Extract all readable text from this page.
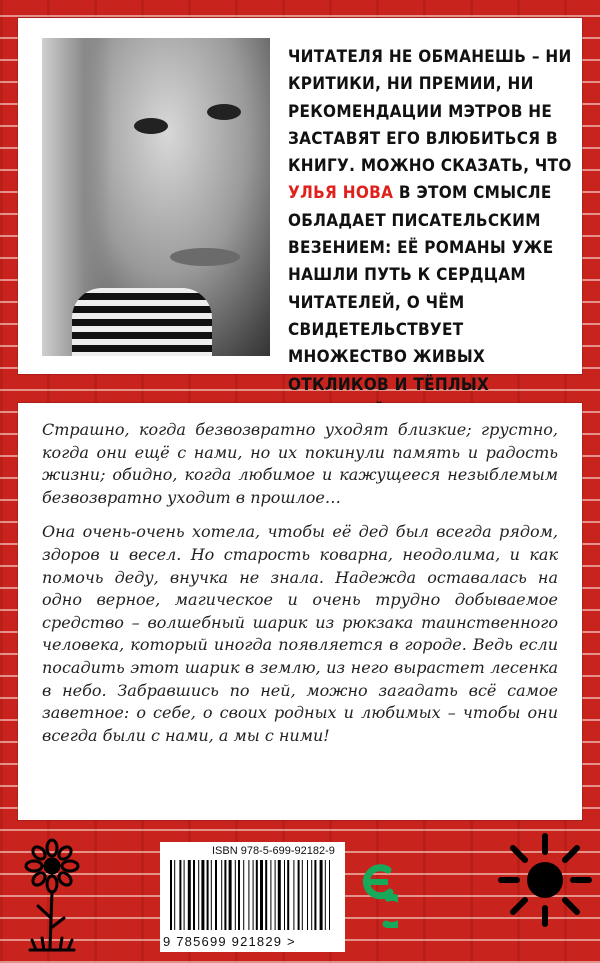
ЧИТАТЕЛЯ НЕ ОБМАНЕШЬ – НИ КРИТИКИ, НИ ПРЕМИИ, НИ РЕКОМЕНДАЦИИ МЭТРОВ НЕ ЗАСТАВЯТ ЕГО ВЛЮБИТЬСЯ В КНИГУ. МОЖНО СКАЗАТЬ, ЧТО УЛЬЯ НОВА В ЭТОМ СМЫСЛЕ ОБЛАДАЕТ ПИСАТЕЛЬСКИМ ВЕЗЕНИЕМ: ЕЁ РОМАНЫ УЖЕ НАШЛИ ПУТЬ К СЕРДЦАМ ЧИТАТЕЛЕЙ, О ЧЁМ СВИДЕТЕЛЬСТВУЕТ МНОЖЕСТВО ЖИВЫХ ОТКЛИКОВ И ТЁПЛЫХ

Страшно, когда безвозвратно уходят близкие; грустно, когда они ещё с нами, но их покинули память и радость жизни; обидно, когда любимое и кажущееся незыблемым безвозвратно уходит в прошлое…

Она очень-очень хотела, чтобы её дед был всегда рядом, здоров и весел. Но старость коварна, неодолима, и как помочь деду, внучка не знала. Надежда оставалась на одно верное, магическое и очень трудно добываемое средство – волшебный шарик из рюкзака таинственного человека, который иногда появляется в городе. Ведь если посадить этот шарик в землю, из него вырастет лесенка в небо. Забравшись по ней, можно загадать всё самое заветное: о себе, о своих родных и любимых – чтобы они всегда были с нами, а мы с ними!

ISBN 978-5-699-92182-9
9 785699 921829 >
